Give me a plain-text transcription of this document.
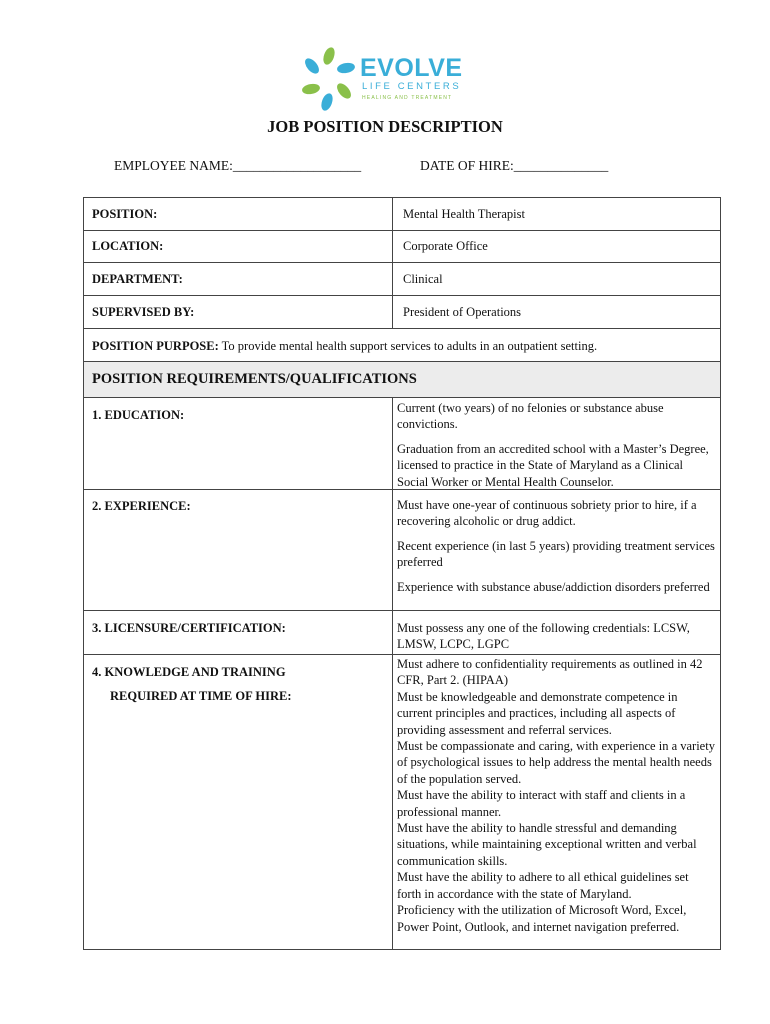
EVOLVE
LIFE CENTERS
HEALING AND TREATMENT
JOB POSITION DESCRIPTION
EMPLOYEE NAME:___________________	DATE OF HIRE:______________
POSITION:	Mental Health Therapist
LOCATION:	Corporate Office
DEPARTMENT:	Clinical
SUPERVISED BY:	President of Operations
POSITION PURPOSE: To provide mental health support services to adults in an outpatient setting.
POSITION REQUIREMENTS/QUALIFICATIONS
1. EDUCATION:	Current (two years) of no felonies or substance abuse convictions.

Graduation from an accredited school with a Master’s Degree, licensed to practice in the State of Maryland as a Clinical Social Worker or Mental Health Counselor.

2. EXPERIENCE:	Must have one-year of continuous sobriety prior to hire, if a recovering alcoholic or drug addict.

Recent experience (in last 5 years) providing treatment services preferred

Experience with substance abuse/addiction disorders preferred

3. LICENSURE/CERTIFICATION:	Must possess any one of the following credentials: LCSW, LMSW, LCPC, LGPC

4. KNOWLEDGE AND TRAINING
REQUIRED AT TIME OF HIRE:

Must adhere to confidentiality requirements as outlined in 42 CFR, Part 2. (HIPAA)

Must be knowledgeable and demonstrate competence in current principles and practices, including all aspects of providing assessment and referral services.

Must be compassionate and caring, with experience in a variety of psychological issues to help address the mental health needs of the population served.

Must have the ability to interact with staff and clients in a professional manner.

Must have the ability to handle stressful and demanding situations, while maintaining exceptional written and verbal communication skills.

Must have the ability to adhere to all ethical guidelines set forth in accordance with the state of Maryland.

Proficiency with the utilization of Microsoft Word, Excel, Power Point, Outlook, and internet navigation preferred.
